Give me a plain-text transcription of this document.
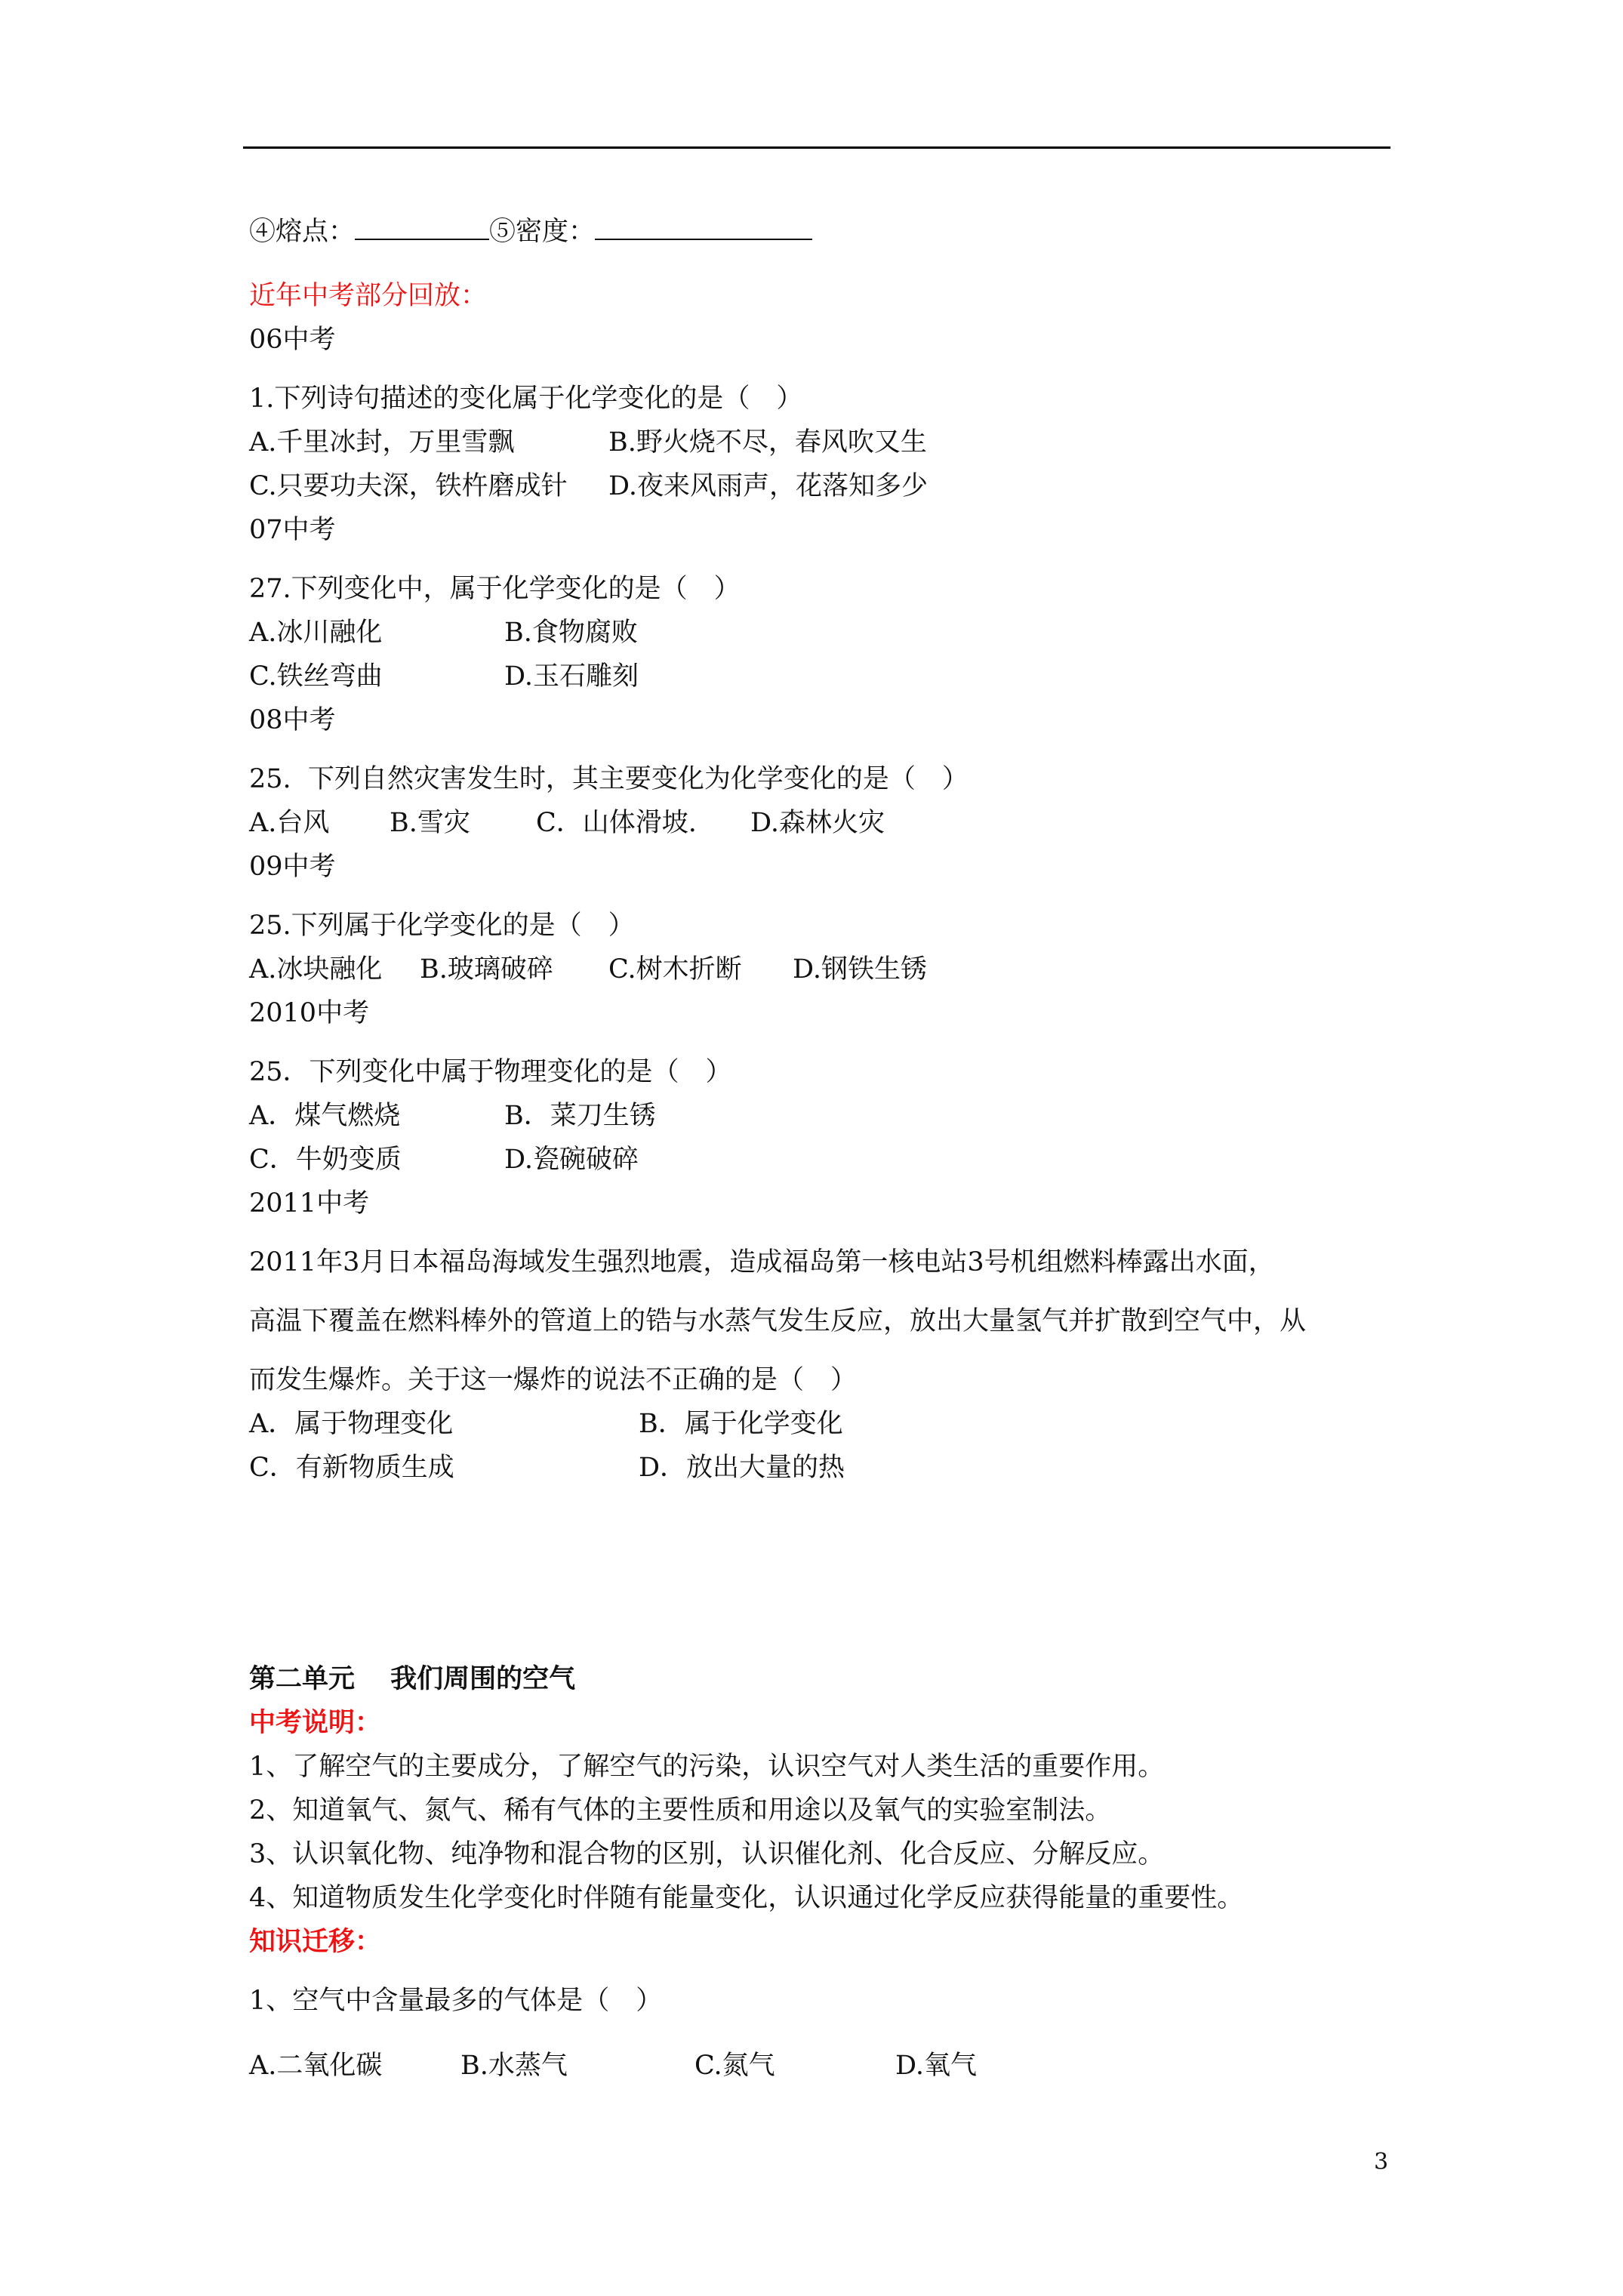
④熔点：	⑤密度：
近年中考部分回放：
06中考
1.下列诗句描述的变化属于化学变化的是（　）

A.千里冰封，万里雪飘

	B.野火烧不尽，春风吹又生

C.只要功夫深，铁杵磨成针

D.夜来风雨声，花落知多少

07中考
27.下列变化中，属于化学变化的是（　）

A.冰川融化

	B.食物腐败

C.铁丝弯曲

	D.玉石雕刻

08中考
25.  下列自然灾害发生时，其主要变化为化学变化的是（　）

A.台风

B.雪灾

C．山体滑坡.

D.森林火灾

09中考
25.下列属于化学变化的是（　）

A.冰块融化

B.玻璃破碎

C.树木折断

D.钢铁生锈

2010中考
25．下列变化中属于物理变化的是（　）

A．煤气燃烧

	B．菜刀生锈

C．牛奶变质

	D.瓷碗破碎

2011中考
2011年3月日本福岛海域发生强烈地震，造成福岛第一核电站3号机组燃料棒露出水面，
高温下覆盖在燃料棒外的管道上的锆与水蒸气发生反应，放出大量氢气并扩散到空气中，从
而发生爆炸。关于这一爆炸的说法不正确的是（　）

A．属于物理变化

	B．属于化学变化

C．有新物质生成

	D．放出大量的热

第二单元　 我们周围的空气
中考说明：
1、了解空气的主要成分，了解空气的污染，认识空气对人类生活的重要作用。
2、知道氧气、氮气、稀有气体的主要性质和用途以及氧气的实验室制法。
3、认识氧化物、纯净物和混合物的区别，认识催化剂、化合反应、分解反应。
4、知道物质发生化学变化时伴随有能量变化，认识通过化学反应获得能量的重要性。
知识迁移：
1、空气中含量最多的气体是（　）

A.二氧化碳

	B.水蒸气

	C.氮气

	D.氧气

3
